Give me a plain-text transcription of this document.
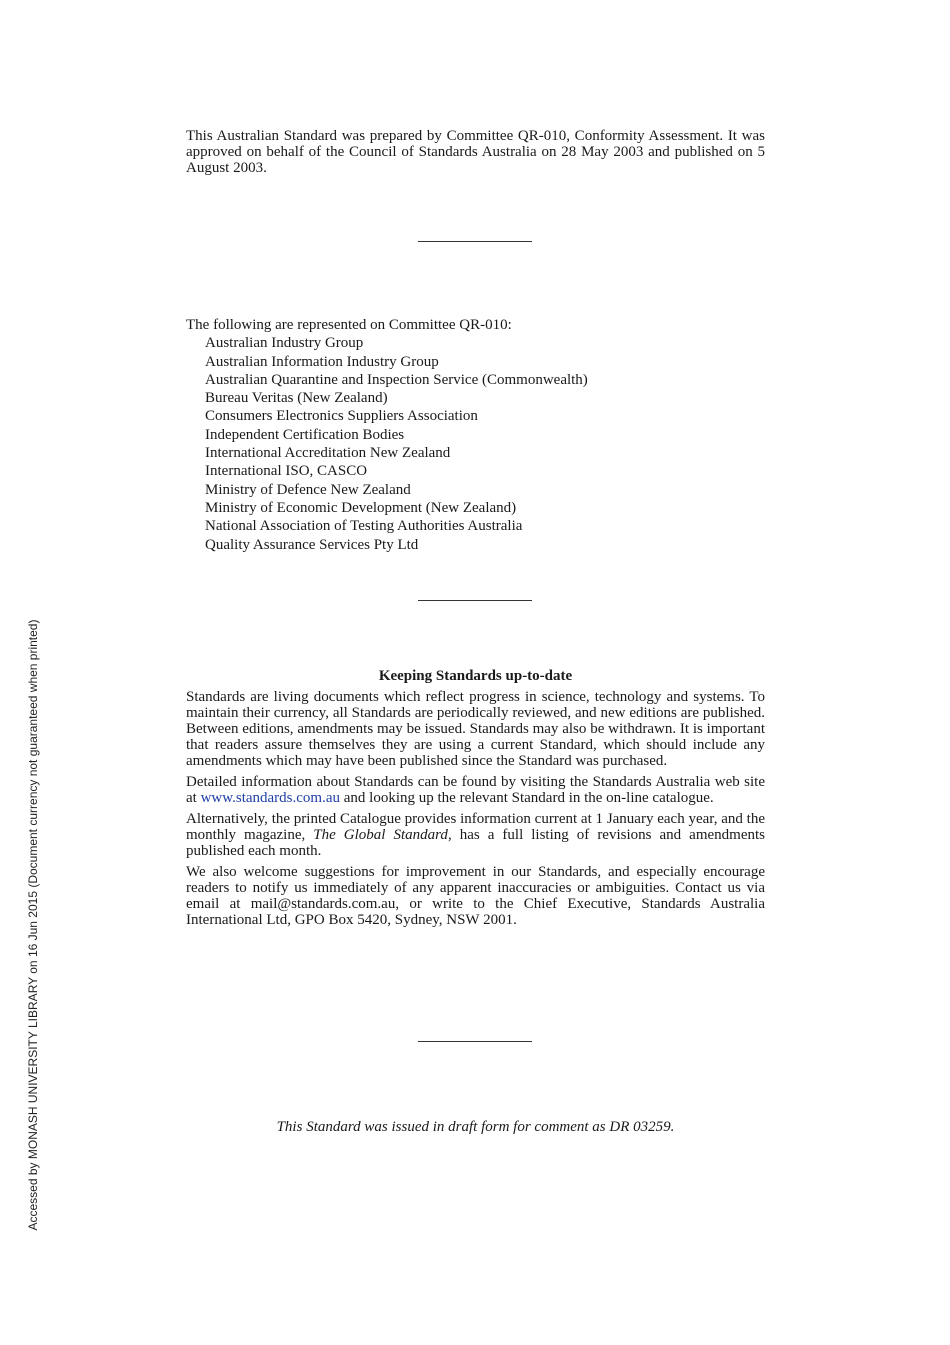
This Australian Standard was prepared by Committee QR-010, Conformity Assessment. It was approved on behalf of the Council of Standards Australia on 28 May 2003 and published on 5 August 2003.
The following are represented on Committee QR-010:
Australian Industry Group
Australian Information Industry Group
Australian Quarantine and Inspection Service (Commonwealth)
Bureau Veritas (New Zealand)
Consumers Electronics Suppliers Association
Independent Certification Bodies
International Accreditation New Zealand
International ISO, CASCO
Ministry of Defence New Zealand
Ministry of Economic Development (New Zealand)
National Association of Testing Authorities Australia
Quality Assurance Services Pty Ltd
Keeping Standards up-to-date

Standards are living documents which reflect progress in science, technology and systems. To maintain their currency, all Standards are periodically reviewed, and new editions are published. Between editions, amendments may be issued. Standards may also be withdrawn. It is important that readers assure themselves they are using a current Standard, which should include any amendments which may have been published since the Standard was purchased.

Detailed information about Standards can be found by visiting the Standards Australia web site at www.standards.com.au and looking up the relevant Standard in the on-line catalogue.

Alternatively, the printed Catalogue provides information current at 1 January each year, and the monthly magazine, The Global Standard, has a full listing of revisions and amendments published each month.

We also welcome suggestions for improvement in our Standards, and especially encourage readers to notify us immediately of any apparent inaccuracies or ambiguities. Contact us via email at mail@standards.com.au, or write to the Chief Executive, Standards Australia International Ltd, GPO Box 5420, Sydney, NSW 2001.

This Standard was issued in draft form for comment as DR 03259.
Accessed by MONASH UNIVERSITY LIBRARY on 16 Jun 2015 (Document currency not guaranteed when printed)
